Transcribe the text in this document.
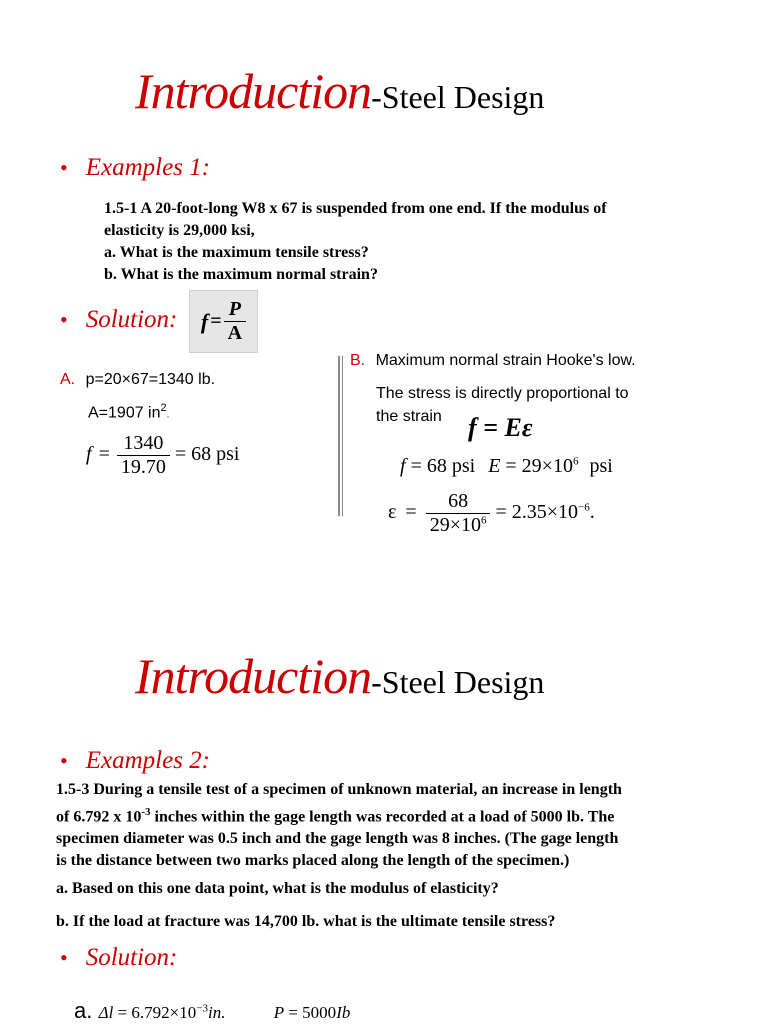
Introduction-Steel Design
• Examples 1:
1.5-1 A 20-foot-long W8 x 67 is suspended from one end. If the modulus of
elasticity is 29,000 ksi,
a. What is the maximum tensile stress?
b. What is the maximum normal strain?
• Solution: $f = \frac{P}{A}$
A. p=20×67=1340 lb.
A=1907 $in^2$.
$f = \frac{1340}{19.70} = 68$ psi
B. Maximum normal strain Hooke's low.
The stress is directly proportional to
the strain f = Eε
f = 68 psi $E = 29\times 10^6$ psi
$\varepsilon = \frac{68}{29\times 10^6} = 2.35\times 10^{-6}$.
Introduction-Steel Design
• Examples 2:
1.5-3 During a tensile test of a specimen of unknown material, an increase in length
of 6.792 x $10^{-3}$ inches within the gage length was recorded at a load of 5000 lb. The
specimen diameter was 0.5 inch and the gage length was 8 inches. (The gage length
is the distance between two marks placed along the length of the specimen.)
a. Based on this one data point, what is the modulus of elasticity?
b. If the load at fracture was 14,700 lb. what is the ultimate tensile stress?
• Solution:
a. $\Delta l = 6.792\times 10^{-3}in$.	P = 5000Ib
